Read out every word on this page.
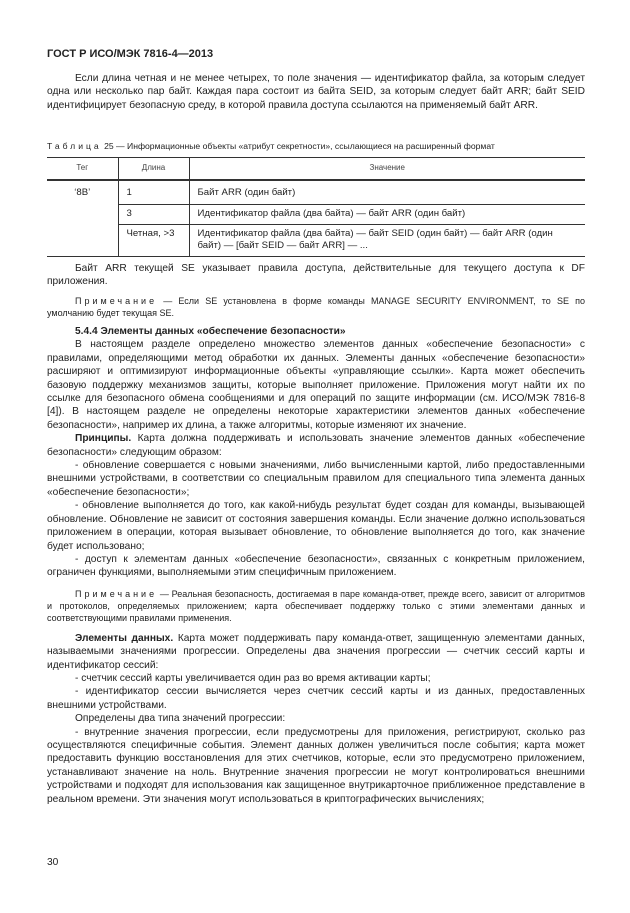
ГОСТ Р ИСО/МЭК 7816-4—2013

Если длина четная и не менее четырех, то поле значения — идентификатор файла, за которым следует одна или несколько пар байт. Каждая пара состоит из байта SEID, за которым следует байт ARR; байт SEID идентифицирует безопасную среду, в которой правила доступа ссылаются на применяемый байт ARR.

Таблица 25 — Информационные объекты «атрибут секретности», ссылающиеся на расширенный формат
Тег	Длина	Значение
‘8B’	1	Байт ARR (один байт)
	3	Идентификатор файла (два байта) — байт ARR (один байт)
	Четная, >3	Идентификатор файла (два байта) — байт SEID (один байт) — байт ARR (один байт) — [байт SEID — байт ARR] — ...

Байт ARR текущей SE указывает правила доступа, действительные для текущего доступа к DF приложения.

Примечание — Если SE установлена в форме команды MANAGE SECURITY ENVIRONMENT, то SE по умолчанию будет текущая SE.

5.4.4 Элементы данных «обеспечение безопасности»

В настоящем разделе определено множество элементов данных «обеспечение безопасности» с правилами, определяющими метод обработки их данных. Элементы данных «обеспечение безопасности» расширяют и оптимизируют информационные объекты «управляющие ссылки». Карта может обеспечить базовую поддержку механизмов защиты, которые выполняет приложение. Приложения могут найти их по ссылке для безопасного обмена сообщениями и для операций по защите информации (см. ИСО/МЭК 7816-8 [4]). В настоящем разделе не определены некоторые характеристики элементов данных «обеспечение безопасности», например их длина, а также алгоритмы, которые изменяют их значение.

Принципы. Карта должна поддерживать и использовать значение элементов данных «обеспечение безопасности» следующим образом:

- обновление совершается с новыми значениями, либо вычисленными картой, либо предоставленными внешними устройствами, в соответствии со специальным правилом для специального типа элемента данных «обеспечение безопасности»;

- обновление выполняется до того, как какой-нибудь результат будет создан для команды, вызывающей обновление. Обновление не зависит от состояния завершения команды. Если значение должно использоваться приложением в операции, которая вызывает обновление, то обновление выполняется до того, как значение будет использовано;

- доступ к элементам данных «обеспечение безопасности», связанных с конкретным приложением, ограничен функциями, выполняемыми этим специфичным приложением.

Примечание — Реальная безопасность, достигаемая в паре команда-ответ, прежде всего, зависит от алгоритмов и протоколов, определяемых приложением; карта обеспечивает поддержку только с этими элементами данных и соответствующими правилами применения.

Элементы данных. Карта может поддерживать пару команда-ответ, защищенную элементами данных, называемыми значениями прогрессии. Определены два значения прогрессии — счетчик сессий карты и идентификатор сессий:

- счетчик сессий карты увеличивается один раз во время активации карты;

- идентификатор сессии вычисляется через счетчик сессий карты и из данных, предоставленных внешними устройствами.

Определены два типа значений прогрессии:

- внутренние значения прогрессии, если предусмотрены для приложения, регистрируют, сколько раз осуществляются специфичные события. Элемент данных должен увеличиться после события; карта может предоставить функцию восстановления для этих счетчиков, которые, если это предусмотрено приложением, устанавливают значение на ноль. Внутренние значения прогрессии не могут контролироваться внешними устройствами и подходят для использования как защищенное внутрикарточное приближенное представление в реальном времени. Эти значения могут использоваться в криптографических вычислениях;

30
